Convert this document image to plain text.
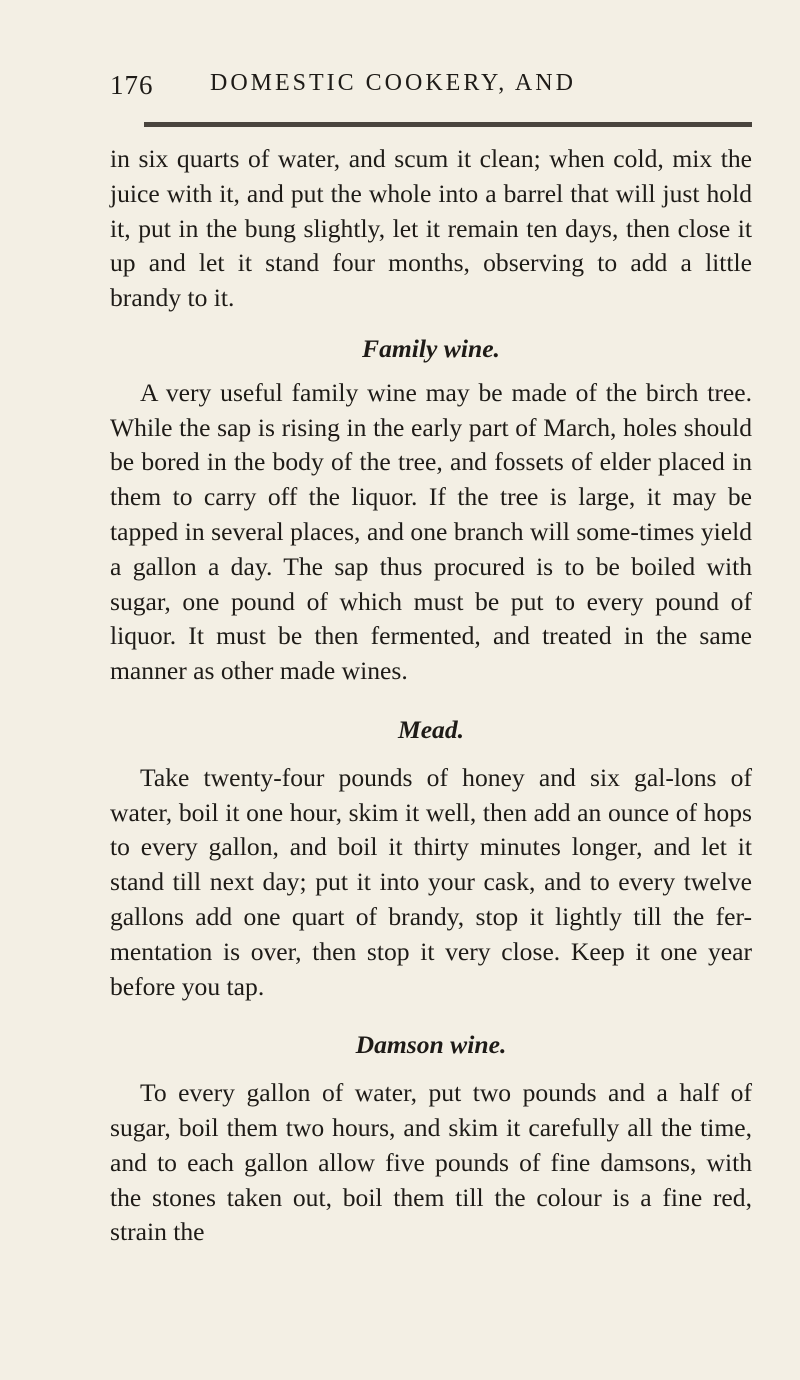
176 DOMESTIC COOKERY, AND

in six quarts of water, and scum it clean; when cold, mix the juice with it, and put the whole into a barrel that will just hold it, put in the bung slightly, let it remain ten days, then close it up and let it stand four months, observing to add a little brandy to it.

Family wine.

A very useful family wine may be made of the birch tree. While the sap is rising in the early part of March, holes should be bored in the body of the tree, and fossets of elder placed in them to carry off the liquor. If the tree is large, it may be tapped in several places, and one branch will some-times yield a gallon a day. The sap thus procured is to be boiled with sugar, one pound of which must be put to every pound of liquor. It must be then fermented, and treated in the same manner as other made wines.

Mead.

Take twenty-four pounds of honey and six gal-lons of water, boil it one hour, skim it well, then add an ounce of hops to every gallon, and boil it thirty minutes longer, and let it stand till next day; put it into your cask, and to every twelve gallons add one quart of brandy, stop it lightly till the fer-mentation is over, then stop it very close. Keep it one year before you tap.

Damson wine.

To every gallon of water, put two pounds and a half of sugar, boil them two hours, and skim it carefully all the time, and to each gallon allow five pounds of fine damsons, with the stones taken out, boil them till the colour is a fine red, strain the
